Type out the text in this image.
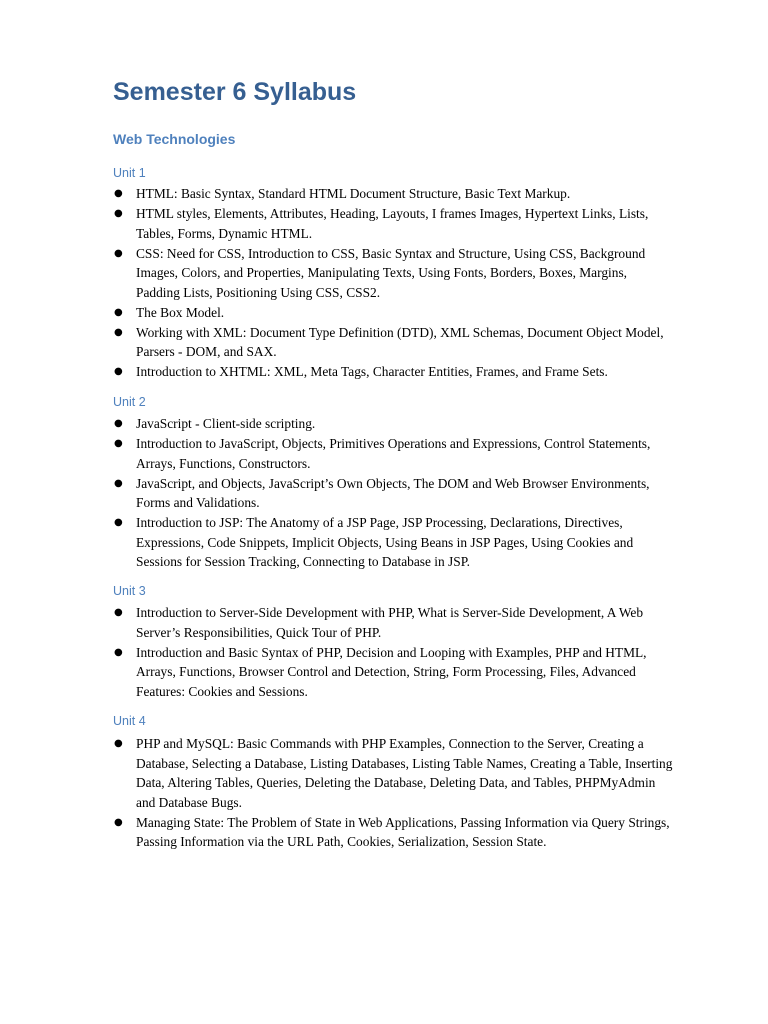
Semester 6 Syllabus
Web Technologies
Unit 1
● HTML: Basic Syntax, Standard HTML Document Structure, Basic Text Markup.
● HTML styles, Elements, Attributes, Heading, Layouts, I frames Images, Hypertext Links, Lists, Tables, Forms, Dynamic HTML.
● CSS: Need for CSS, Introduction to CSS, Basic Syntax and Structure, Using CSS, Background Images, Colors, and Properties, Manipulating Texts, Using Fonts, Borders, Boxes, Margins, Padding Lists, Positioning Using CSS, CSS2.
● The Box Model.
● Working with XML: Document Type Definition (DTD), XML Schemas, Document Object Model, Parsers - DOM, and SAX.
● Introduction to XHTML: XML, Meta Tags, Character Entities, Frames, and Frame Sets.
Unit 2
● JavaScript - Client-side scripting.
● Introduction to JavaScript, Objects, Primitives Operations and Expressions, Control Statements, Arrays, Functions, Constructors.
● JavaScript, and Objects, JavaScript’s Own Objects, The DOM and Web Browser Environments, Forms and Validations.
● Introduction to JSP: The Anatomy of a JSP Page, JSP Processing, Declarations, Directives, Expressions, Code Snippets, Implicit Objects, Using Beans in JSP Pages, Using Cookies and Sessions for Session Tracking, Connecting to Database in JSP.
Unit 3
● Introduction to Server-Side Development with PHP, What is Server-Side Development, A Web Server’s Responsibilities, Quick Tour of PHP.
● Introduction and Basic Syntax of PHP, Decision and Looping with Examples, PHP and HTML, Arrays, Functions, Browser Control and Detection, String, Form Processing, Files, Advanced Features: Cookies and Sessions.
Unit 4
● PHP and MySQL: Basic Commands with PHP Examples, Connection to the Server, Creating a Database, Selecting a Database, Listing Databases, Listing Table Names, Creating a Table, Inserting Data, Altering Tables, Queries, Deleting the Database, Deleting Data, and Tables, PHPMyAdmin and Database Bugs.
● Managing State: The Problem of State in Web Applications, Passing Information via Query Strings, Passing Information via the URL Path, Cookies, Serialization, Session State.
